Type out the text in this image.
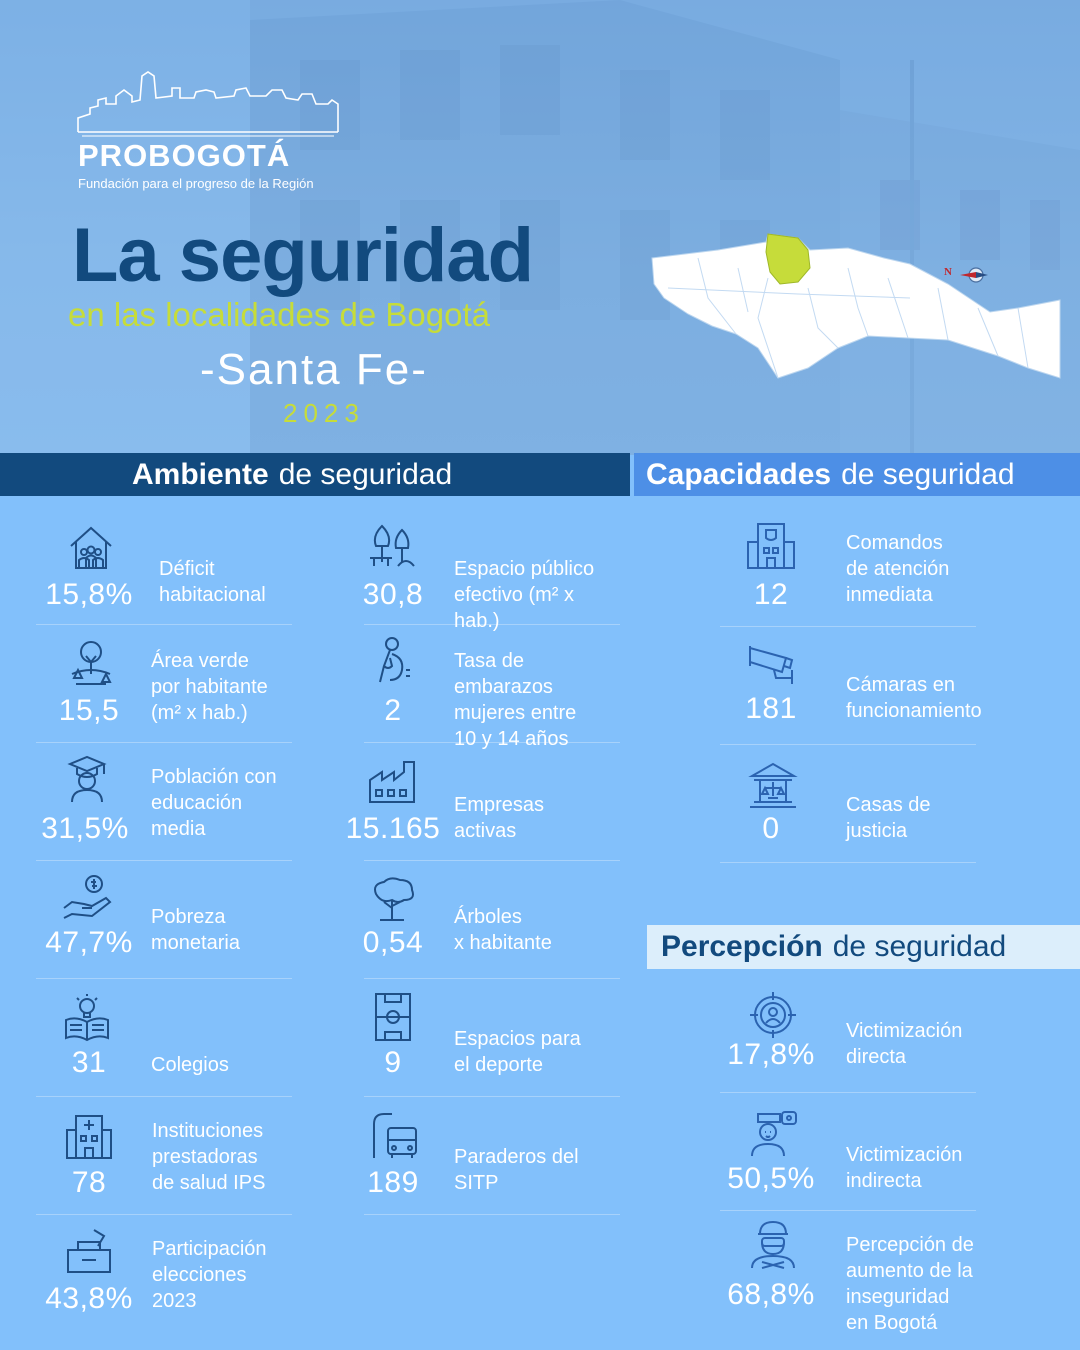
PROBOGOTÁ
Fundación para el progreso de la Región
La seguridad
en las localidades de Bogotá
-Santa Fe-
2023
N
Ambiente de seguridad	Capacidades de seguridad
Percepción de seguridad
15,8%
Déficit
habitacional
15,5
Área verde
por habitante
(m² x hab.)
31,5%
Población con
educación
media
47,7%
Pobreza
monetaria
31	Colegios
78
Instituciones
prestadoras
de salud IPS
43,8%
Participación
elecciones
2023
30,8
Espacio público
efectivo (m² x hab.)
2
Tasa de embarazos
mujeres entre
10 y 14 años
15.165
Empresas
activas
0,54
Árboles
x habitante
9
Espacios para
el deporte
189
Paraderos del
SITP
12
Comandos
de atención
inmediata
181
Cámaras en
funcionamiento
0
Casas de
justicia
17,8%
Victimización
directa
50,5%
Victimización
indirecta
68,8%
Percepción de
aumento de la
inseguridad en Bogotá
